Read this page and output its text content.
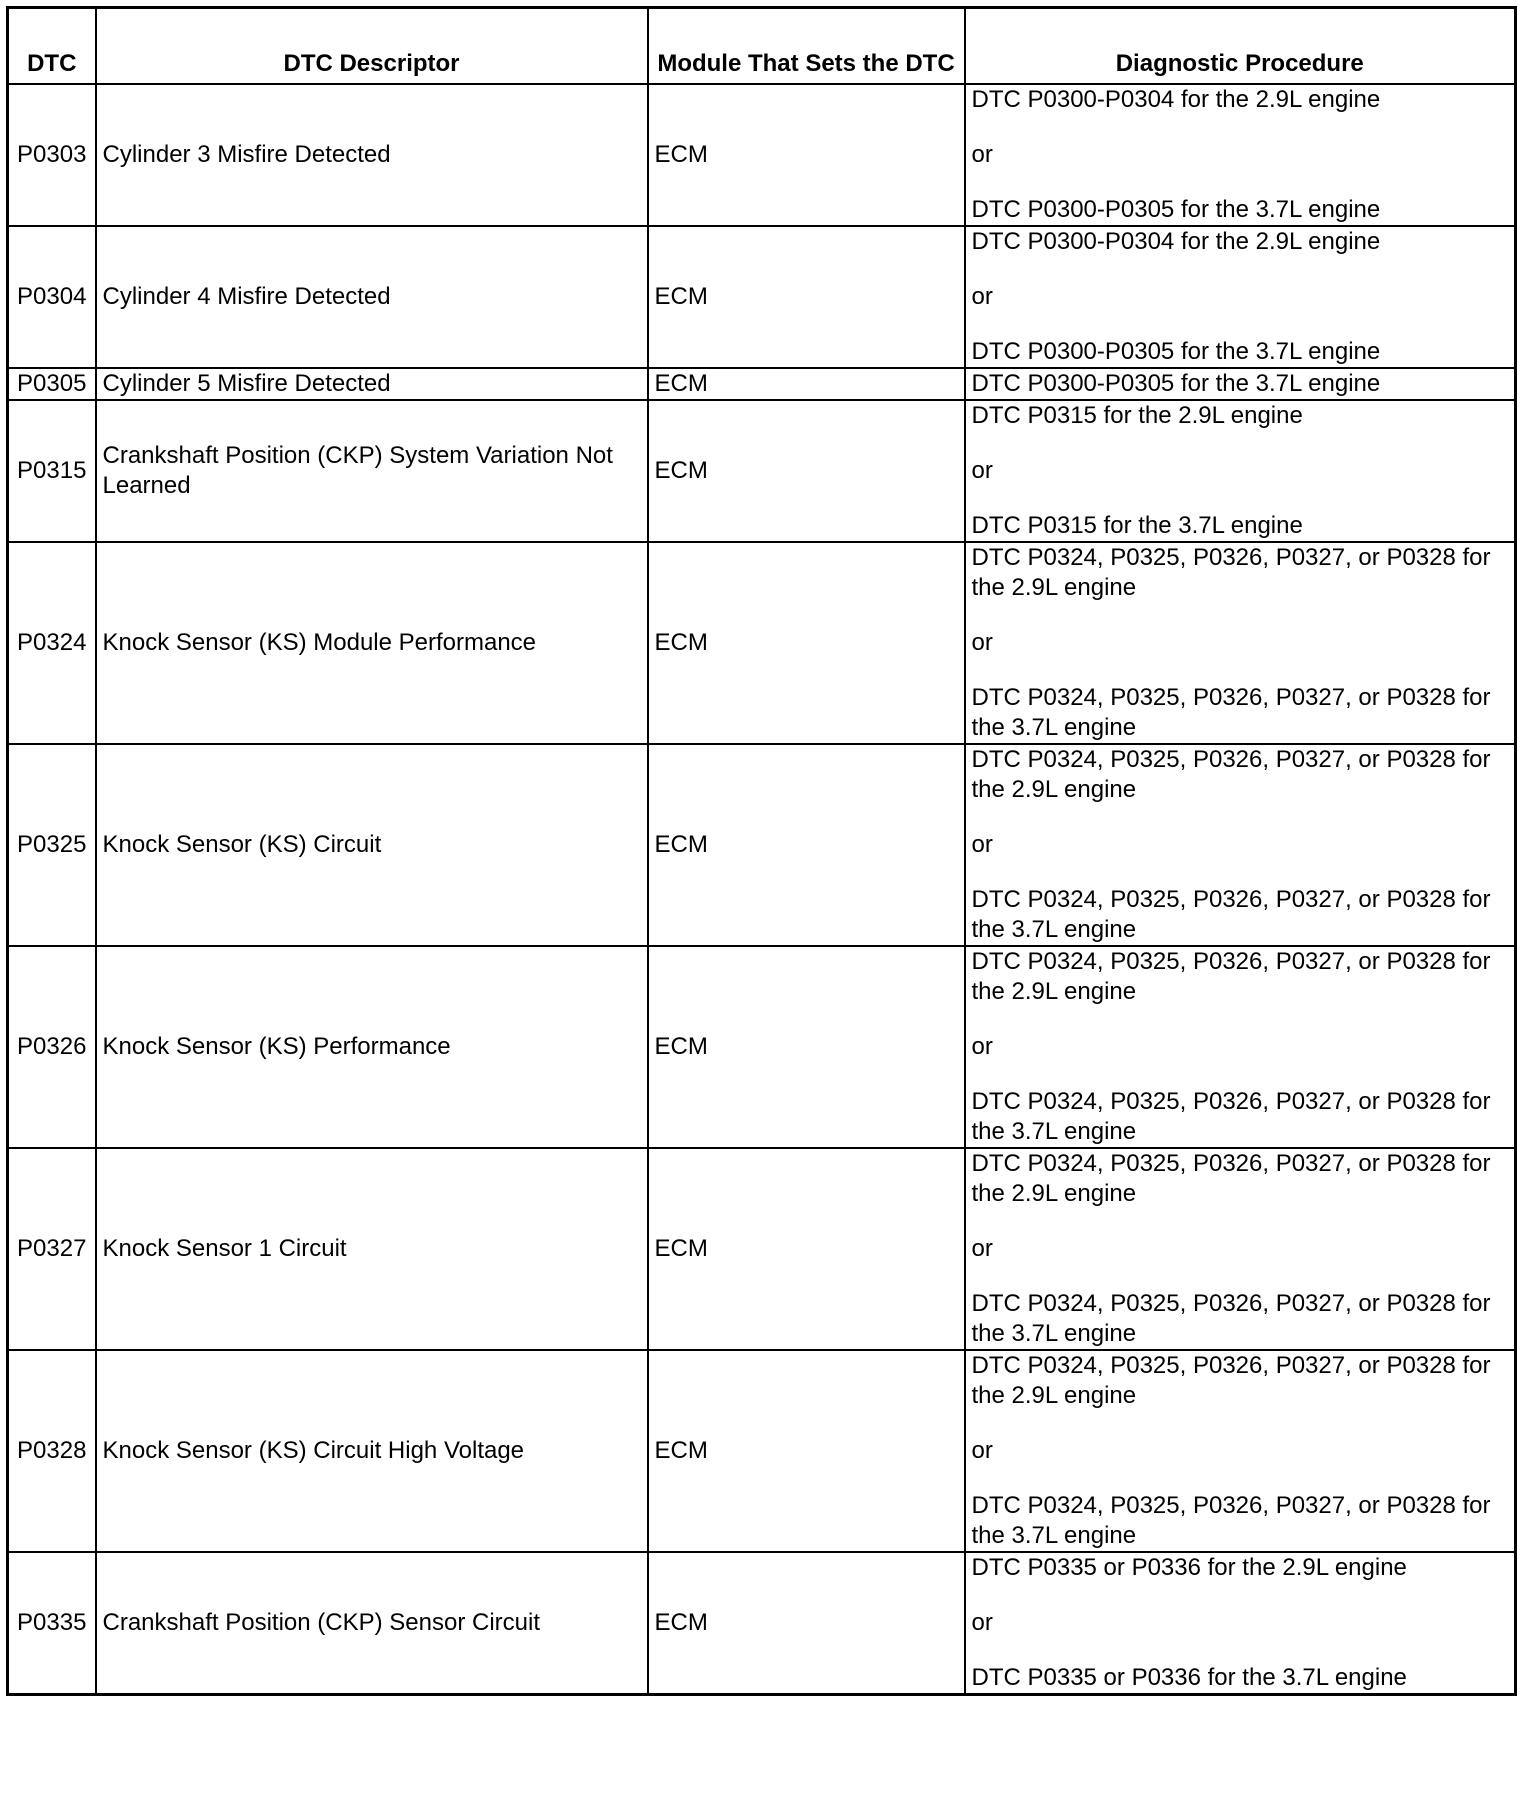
DTC	DTC Descriptor	Module That Sets the DTC	Diagnostic Procedure
P0303	Cylinder 3 Misfire Detected	ECM	DTC P0300-P0304 for the 2.9L engine
or
DTC P0300-P0305 for the 3.7L engine

P0304	Cylinder 4 Misfire Detected	ECM	DTC P0300-P0304 for the 2.9L engine
or
DTC P0300-P0305 for the 3.7L engine

P0305	Cylinder 5 Misfire Detected	ECM	DTC P0300-P0305 for the 3.7L engine

P0315	Crankshaft Position (CKP) System Variation Not Learned	ECM	DTC P0315 for the 2.9L engine
or
DTC P0315 for the 3.7L engine

P0324	Knock Sensor (KS) Module Performance	ECM	DTC P0324, P0325, P0326, P0327, or P0328 for the 2.9L engine
or
DTC P0324, P0325, P0326, P0327, or P0328 for the 3.7L engine

P0325	Knock Sensor (KS) Circuit	ECM	DTC P0324, P0325, P0326, P0327, or P0328 for the 2.9L engine
or
DTC P0324, P0325, P0326, P0327, or P0328 for the 3.7L engine

P0326	Knock Sensor (KS) Performance	ECM	DTC P0324, P0325, P0326, P0327, or P0328 for the 2.9L engine
or
DTC P0324, P0325, P0326, P0327, or P0328 for the 3.7L engine

P0327	Knock Sensor 1 Circuit	ECM	DTC P0324, P0325, P0326, P0327, or P0328 for the 2.9L engine
or
DTC P0324, P0325, P0326, P0327, or P0328 for the 3.7L engine

P0328	Knock Sensor (KS) Circuit High Voltage	ECM	DTC P0324, P0325, P0326, P0327, or P0328 for the 2.9L engine
or
DTC P0324, P0325, P0326, P0327, or P0328 for the 3.7L engine

P0335	Crankshaft Position (CKP) Sensor Circuit	ECM	DTC P0335 or P0336 for the 2.9L engine
or
DTC P0335 or P0336 for the 3.7L engine
